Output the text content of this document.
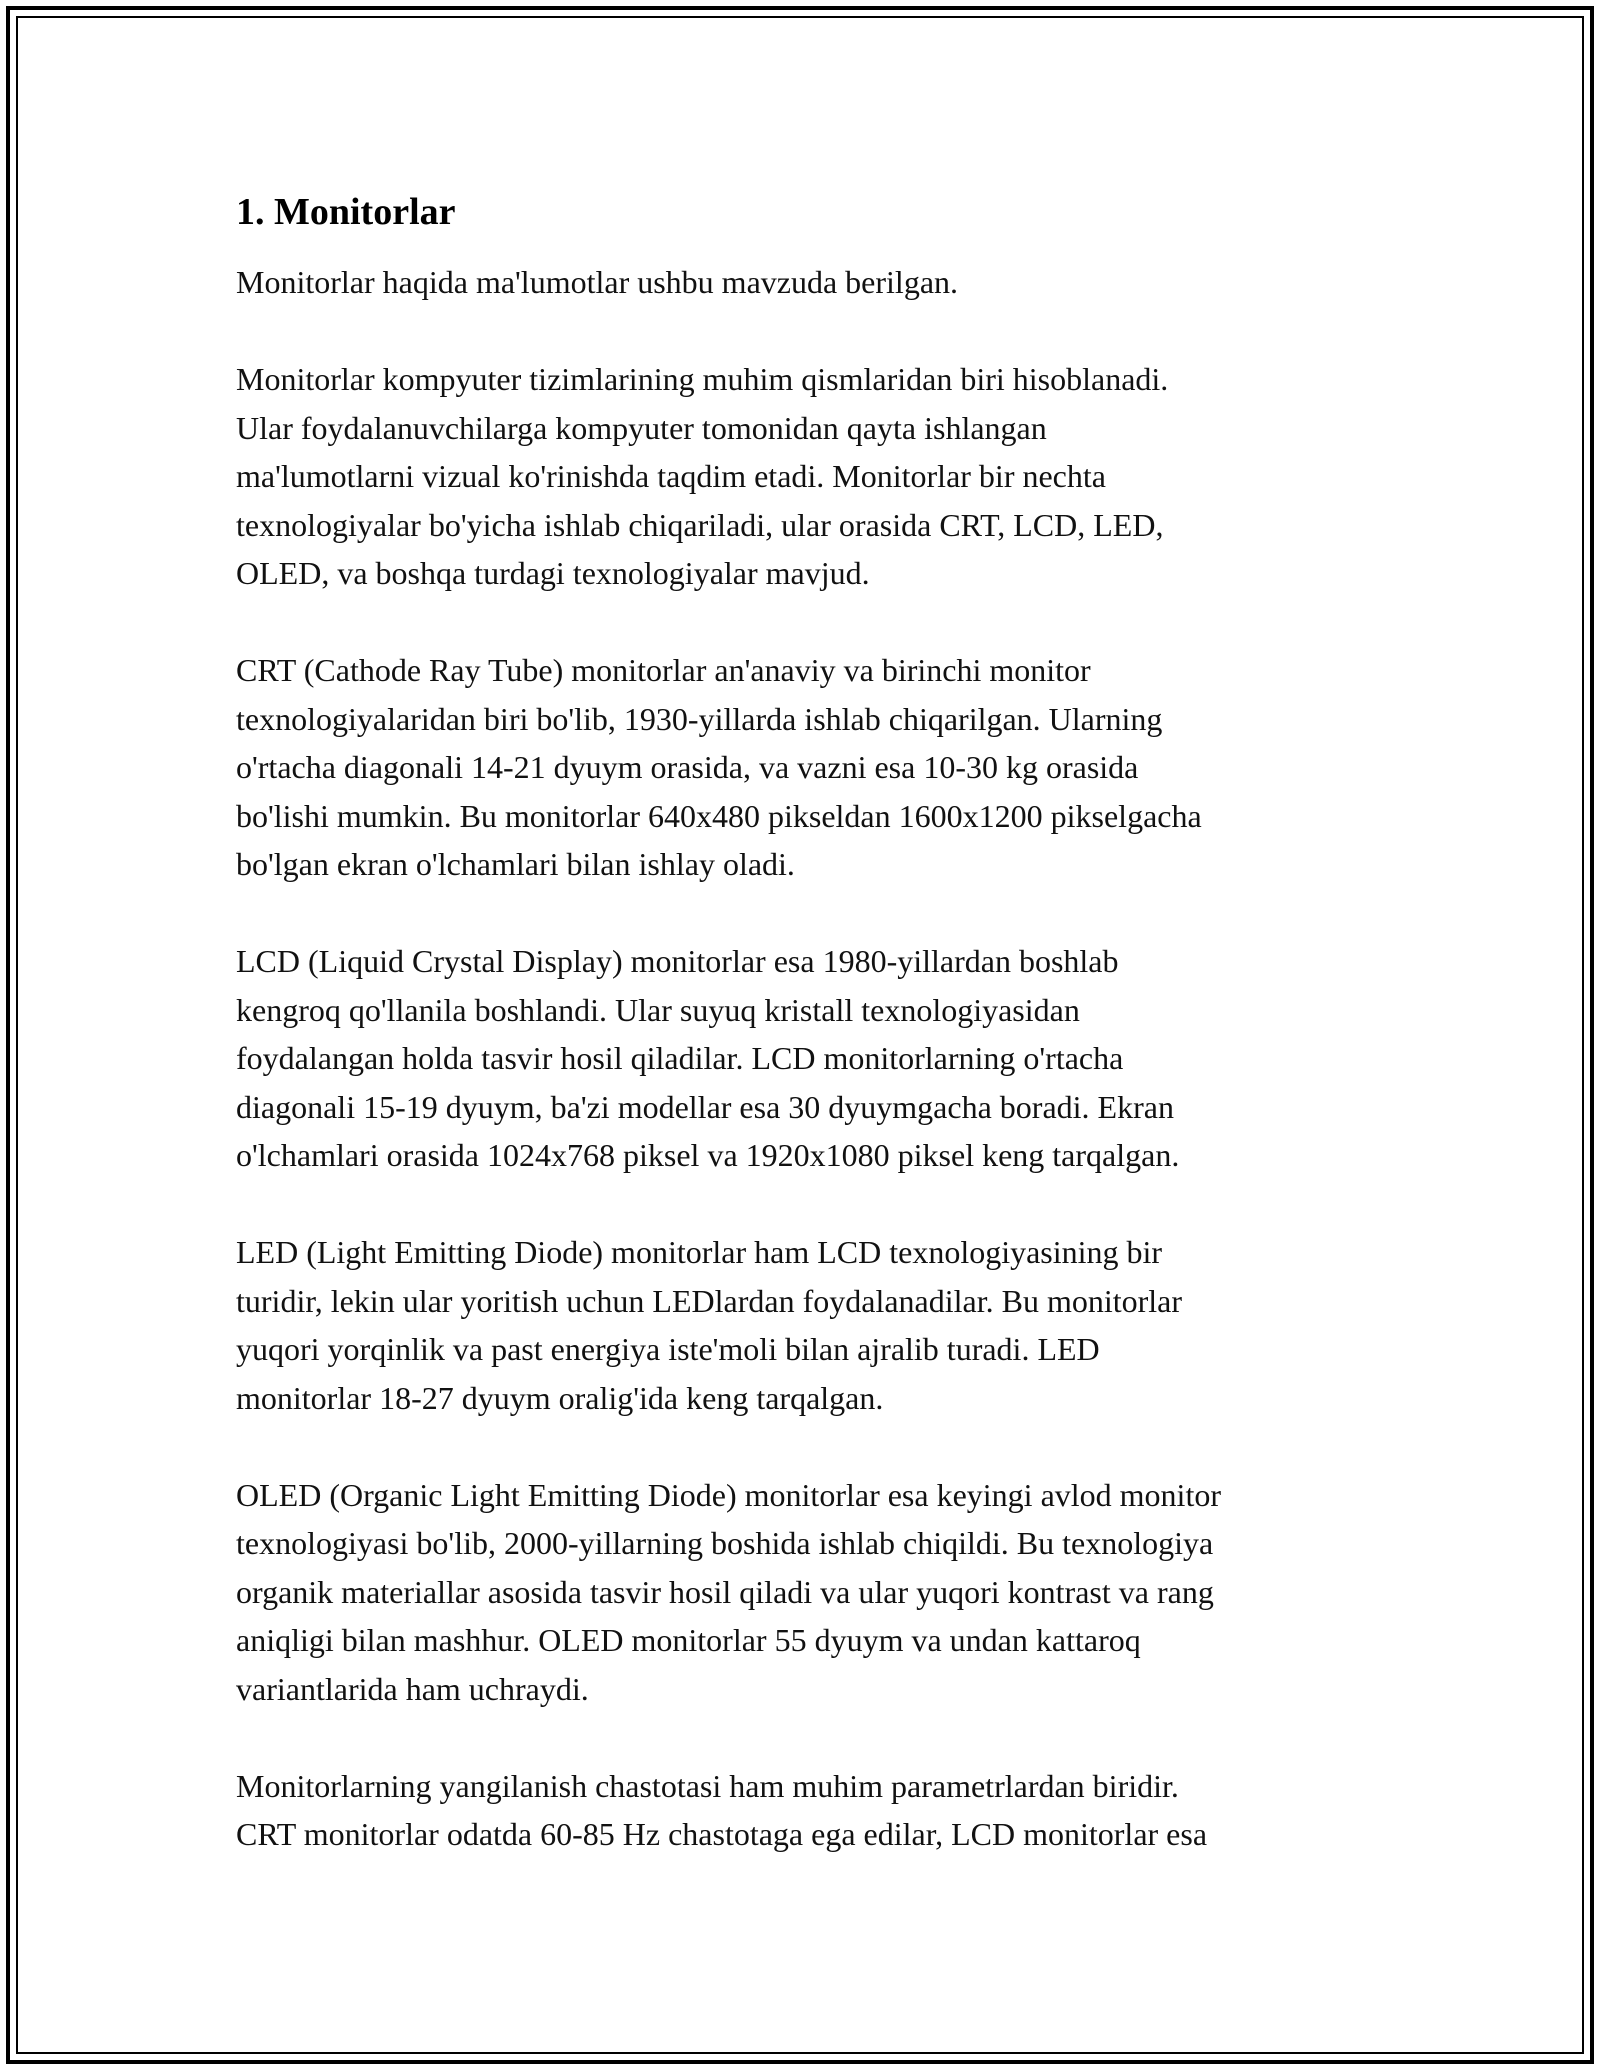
1. Monitorlar

Monitorlar haqida ma'lumotlar ushbu mavzuda berilgan.

Monitorlar kompyuter tizimlarining muhim qismlaridan biri hisoblanadi.
Ular foydalanuvchilarga kompyuter tomonidan qayta ishlangan
ma'lumotlarni vizual ko'rinishda taqdim etadi. Monitorlar bir nechta
texnologiyalar bo'yicha ishlab chiqariladi, ular orasida CRT, LCD, LED,
OLED, va boshqa turdagi texnologiyalar mavjud.

CRT (Cathode Ray Tube) monitorlar an'anaviy va birinchi monitor
texnologiyalaridan biri bo'lib, 1930-yillarda ishlab chiqarilgan. Ularning
o'rtacha diagonali 14-21 dyuym orasida, va vazni esa 10-30 kg orasida
bo'lishi mumkin. Bu monitorlar 640x480 pikseldan 1600x1200 pikselgacha
bo'lgan ekran o'lchamlari bilan ishlay oladi.

LCD (Liquid Crystal Display) monitorlar esa 1980-yillardan boshlab
kengroq qo'llanila boshlandi. Ular suyuq kristall texnologiyasidan
foydalangan holda tasvir hosil qiladilar. LCD monitorlarning o'rtacha
diagonali 15-19 dyuym, ba'zi modellar esa 30 dyuymgacha boradi. Ekran
o'lchamlari orasida 1024x768 piksel va 1920x1080 piksel keng tarqalgan.

LED (Light Emitting Diode) monitorlar ham LCD texnologiyasining bir
turidir, lekin ular yoritish uchun LEDlardan foydalanadilar. Bu monitorlar
yuqori yorqinlik va past energiya iste'moli bilan ajralib turadi. LED
monitorlar 18-27 dyuym oralig'ida keng tarqalgan.

OLED (Organic Light Emitting Diode) monitorlar esa keyingi avlod monitor
texnologiyasi bo'lib, 2000-yillarning boshida ishlab chiqildi. Bu texnologiya
organik materiallar asosida tasvir hosil qiladi va ular yuqori kontrast va rang
aniqligi bilan mashhur. OLED monitorlar 55 dyuym va undan kattaroq
variantlarida ham uchraydi.

Monitorlarning yangilanish chastotasi ham muhim parametrlardan biridir.
CRT monitorlar odatda 60-85 Hz chastotaga ega edilar, LCD monitorlar esa
